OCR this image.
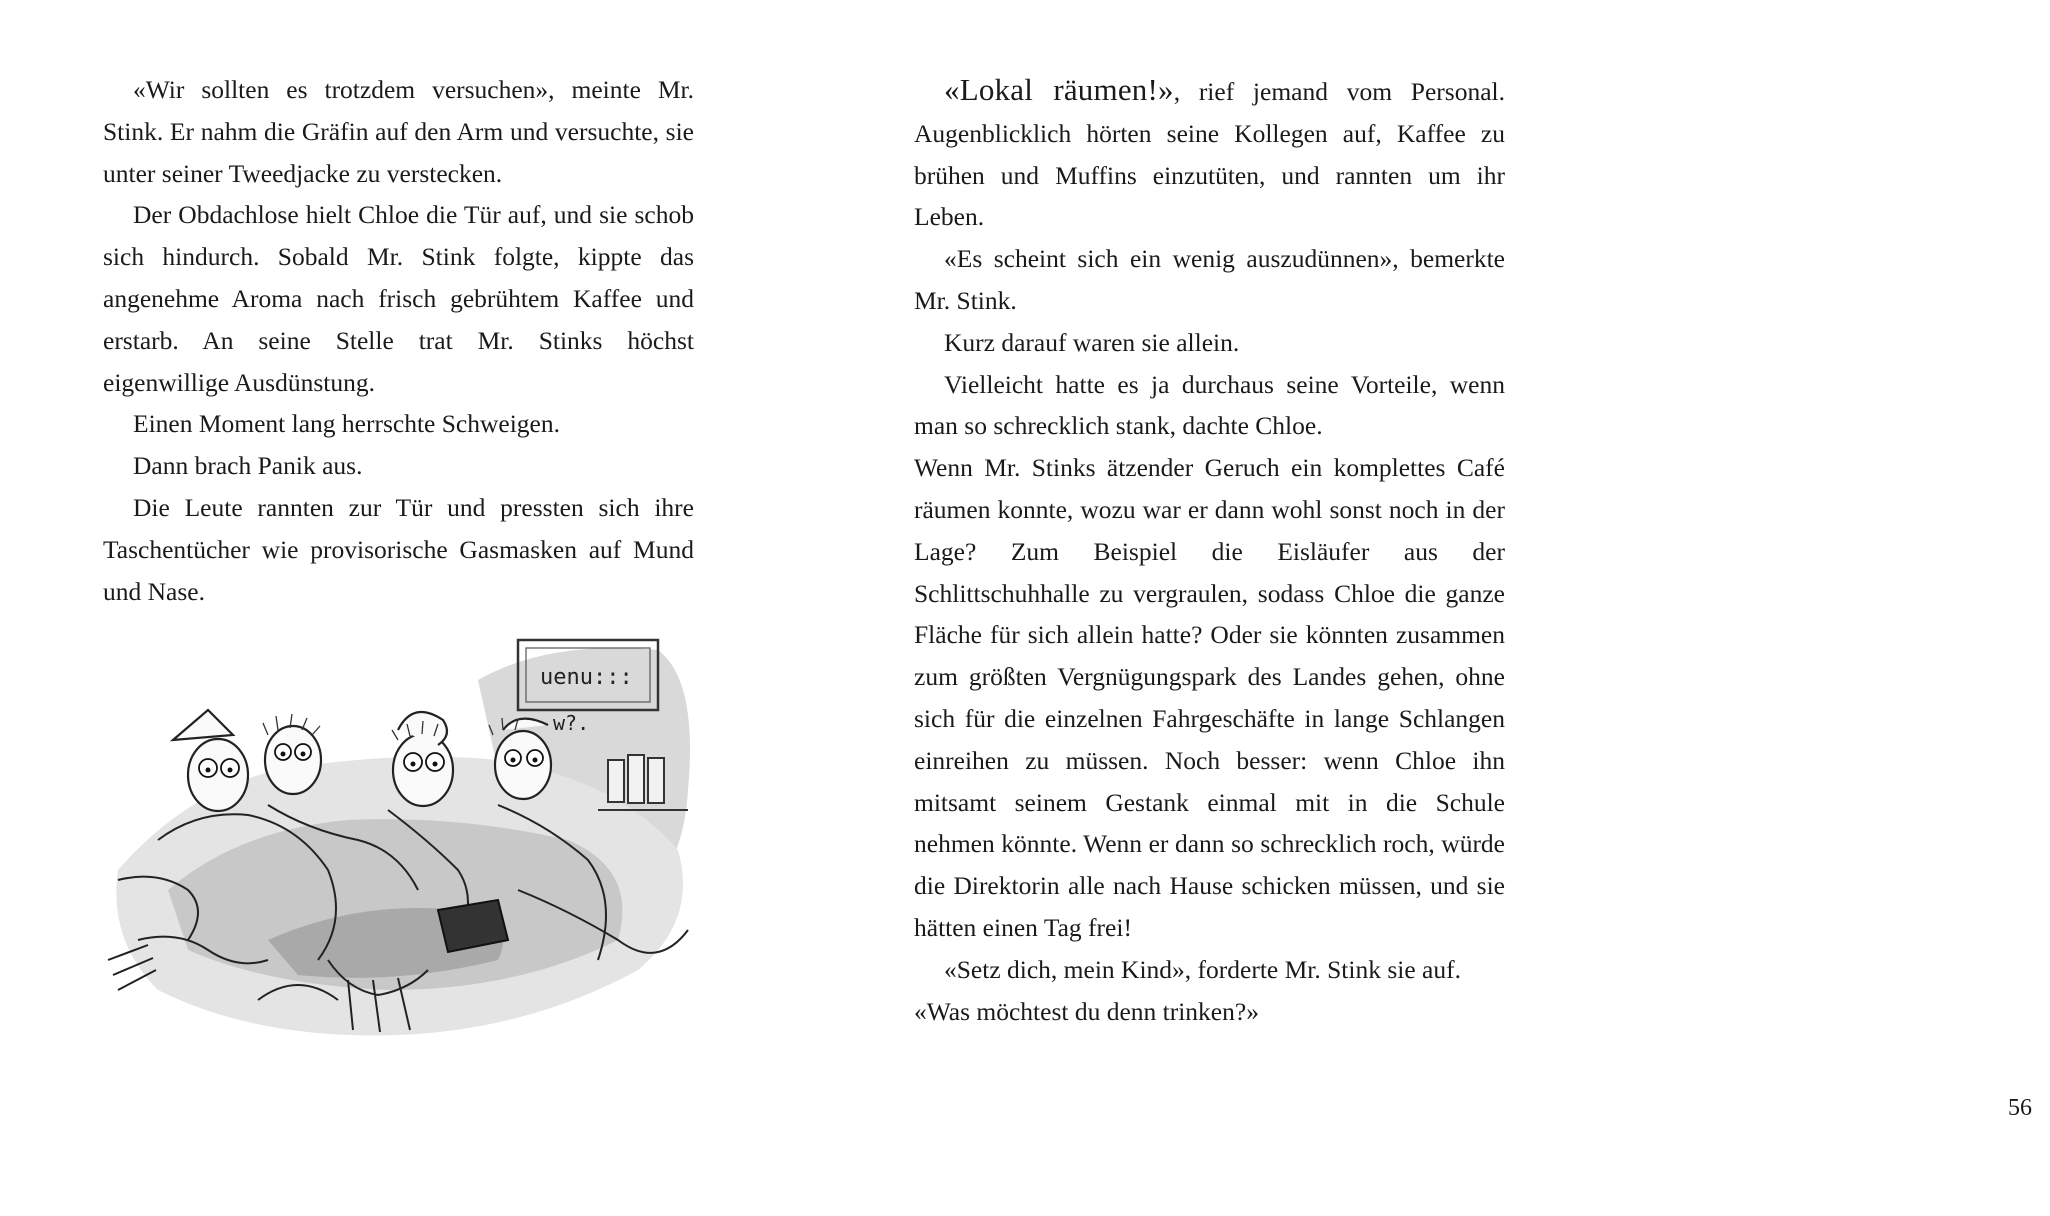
«Wir sollten es trotzdem versuchen», meinte Mr. Stink. Er nahm die Gräfin auf den Arm und versuchte, sie unter seiner Tweedjacke zu verstecken.

Der Obdachlose hielt Chloe die Tür auf, und sie schob sich hindurch. Sobald Mr. Stink folgte, kippte das angenehme Aroma nach frisch gebrühtem Kaffee und erstarb. An seine Stelle trat Mr. Stinks höchst eigenwillige Ausdünstung.

Einen Moment lang herrschte Schweigen.

Dann brach Panik aus.

Die Leute rannten zur Tür und pressten sich ihre Taschentücher wie provisorische Gasmasken auf Mund und Nase.

uenu:::
w?.

«Lokal räumen!», rief jemand vom Personal. Augenblicklich hörten seine Kollegen auf, Kaffee zu brühen und Muffins einzutüten, und rannten um ihr Leben.

«Es scheint sich ein wenig auszudünnen», bemerkte Mr. Stink.

Kurz darauf waren sie allein.

Vielleicht hatte es ja durchaus seine Vorteile, wenn man so schrecklich stank, dachte Chloe.

Wenn Mr. Stinks ätzender Geruch ein komplettes Café räumen konnte, wozu war er dann wohl sonst noch in der Lage? Zum Beispiel die Eisläufer aus der Schlittschuhhalle zu vergraulen, sodass Chloe die ganze Fläche für sich allein hatte? Oder sie könnten zusammen zum größten Vergnügungspark des Landes gehen, ohne sich für die einzelnen Fahrgeschäfte in lange Schlangen einreihen zu müssen. Noch besser: wenn Chloe ihn mitsamt seinem Gestank einmal mit in die Schule nehmen könnte. Wenn er dann so schrecklich roch, würde die Direktorin alle nach Hause schicken müssen, und sie hätten einen Tag frei!

«Setz dich, mein Kind», forderte Mr. Stink sie auf.

«Was möchtest du denn trinken?»

56
